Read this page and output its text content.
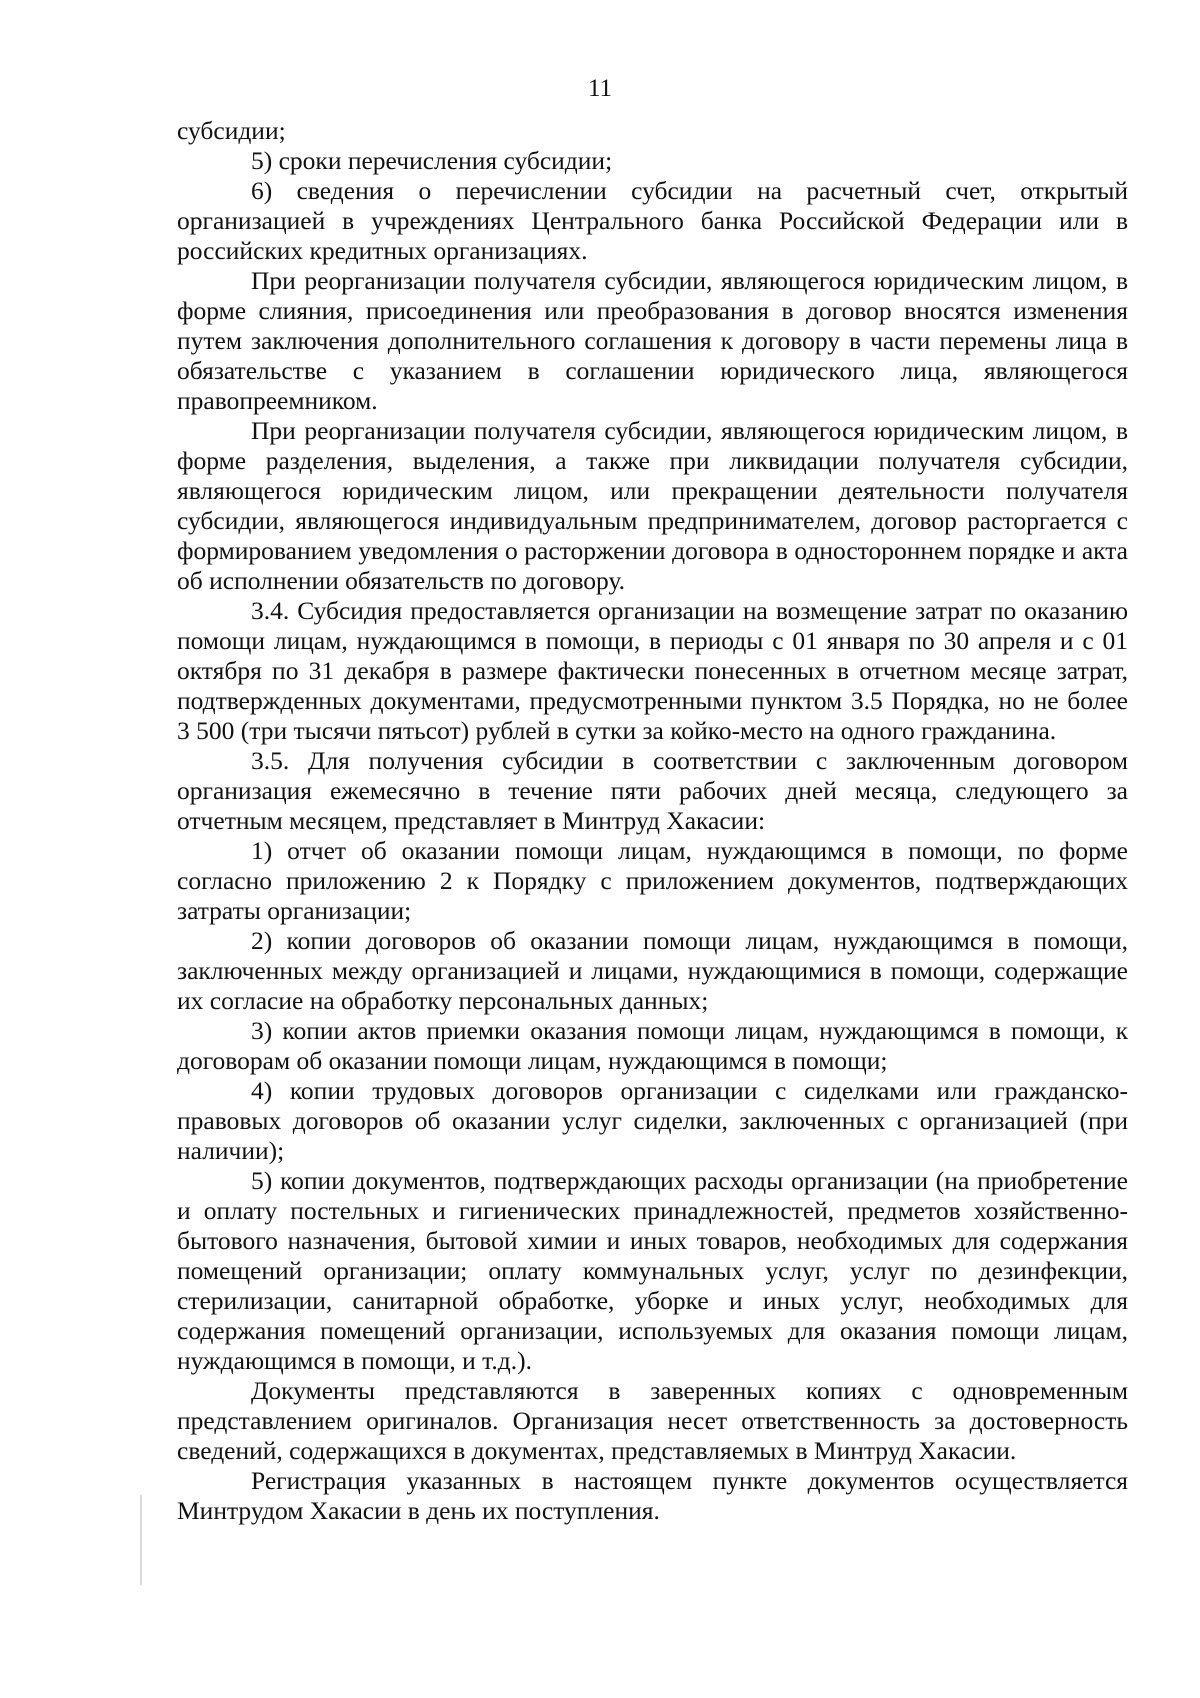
11

субсидии;

5) сроки перечисления субсидии;

6) сведения о перечислении субсидии на расчетный счет, открытый организацией в учреждениях Центрального банка Российской Федерации или в российских кредитных организациях.

При реорганизации получателя субсидии, являющегося юридическим лицом, в форме слияния, присоединения или преобразования в договор вносятся изменения путем заключения дополнительного соглашения к договору в части перемены лица в обязательстве с указанием в соглашении юридического лица, являющегося правопреемником.

При реорганизации получателя субсидии, являющегося юридическим лицом, в форме разделения, выделения, а также при ликвидации получателя субсидии, являющегося юридическим лицом, или прекращении деятельности получателя субсидии, являющегося индивидуальным предпринимателем, договор расторгается с формированием уведомления о расторжении договора в одностороннем порядке и акта об исполнении обязательств по договору.

3.4. Субсидия предоставляется организации на возмещение затрат по оказанию помощи лицам, нуждающимся в помощи, в периоды с 01 января по 30 апреля и с 01 октября по 31 декабря в размере фактически понесенных в отчетном месяце затрат, подтвержденных документами, предусмотренными пунктом 3.5 Порядка, но не более 3 500 (три тысячи пятьсот) рублей в сутки за койко-место на одного гражданина.

3.5. Для получения субсидии в соответствии с заключенным договором организация ежемесячно в течение пяти рабочих дней месяца, следующего за отчетным месяцем, представляет в Минтруд Хакасии:

1) отчет об оказании помощи лицам, нуждающимся в помощи, по форме согласно приложению 2 к Порядку с приложением документов, подтверждающих затраты организации;

2) копии договоров об оказании помощи лицам, нуждающимся в помощи, заключенных между организацией и лицами, нуждающимися в помощи, содержащие их согласие на обработку персональных данных;

3) копии актов приемки оказания помощи лицам, нуждающимся в помощи, к договорам об оказании помощи лицам, нуждающимся в помощи;

4) копии трудовых договоров организации с сиделками или гражданско-правовых договоров об оказании услуг сиделки, заключенных с организацией (при наличии);

5) копии документов, подтверждающих расходы организации (на приобретение и оплату постельных и гигиенических принадлежностей, предметов хозяйственно-бытового назначения, бытовой химии и иных товаров, необходимых для содержания помещений организации; оплату коммунальных услуг, услуг по дезинфекции, стерилизации, санитарной обработке, уборке и иных услуг, необходимых для содержания помещений организации, используемых для оказания помощи лицам, нуждающимся в помощи, и т.д.).

Документы представляются в заверенных копиях с одновременным представлением оригиналов. Организация несет ответственность за достоверность сведений, содержащихся в документах, представляемых в Минтруд Хакасии.

Регистрация указанных в настоящем пункте документов осуществляется Минтрудом Хакасии в день их поступления.
